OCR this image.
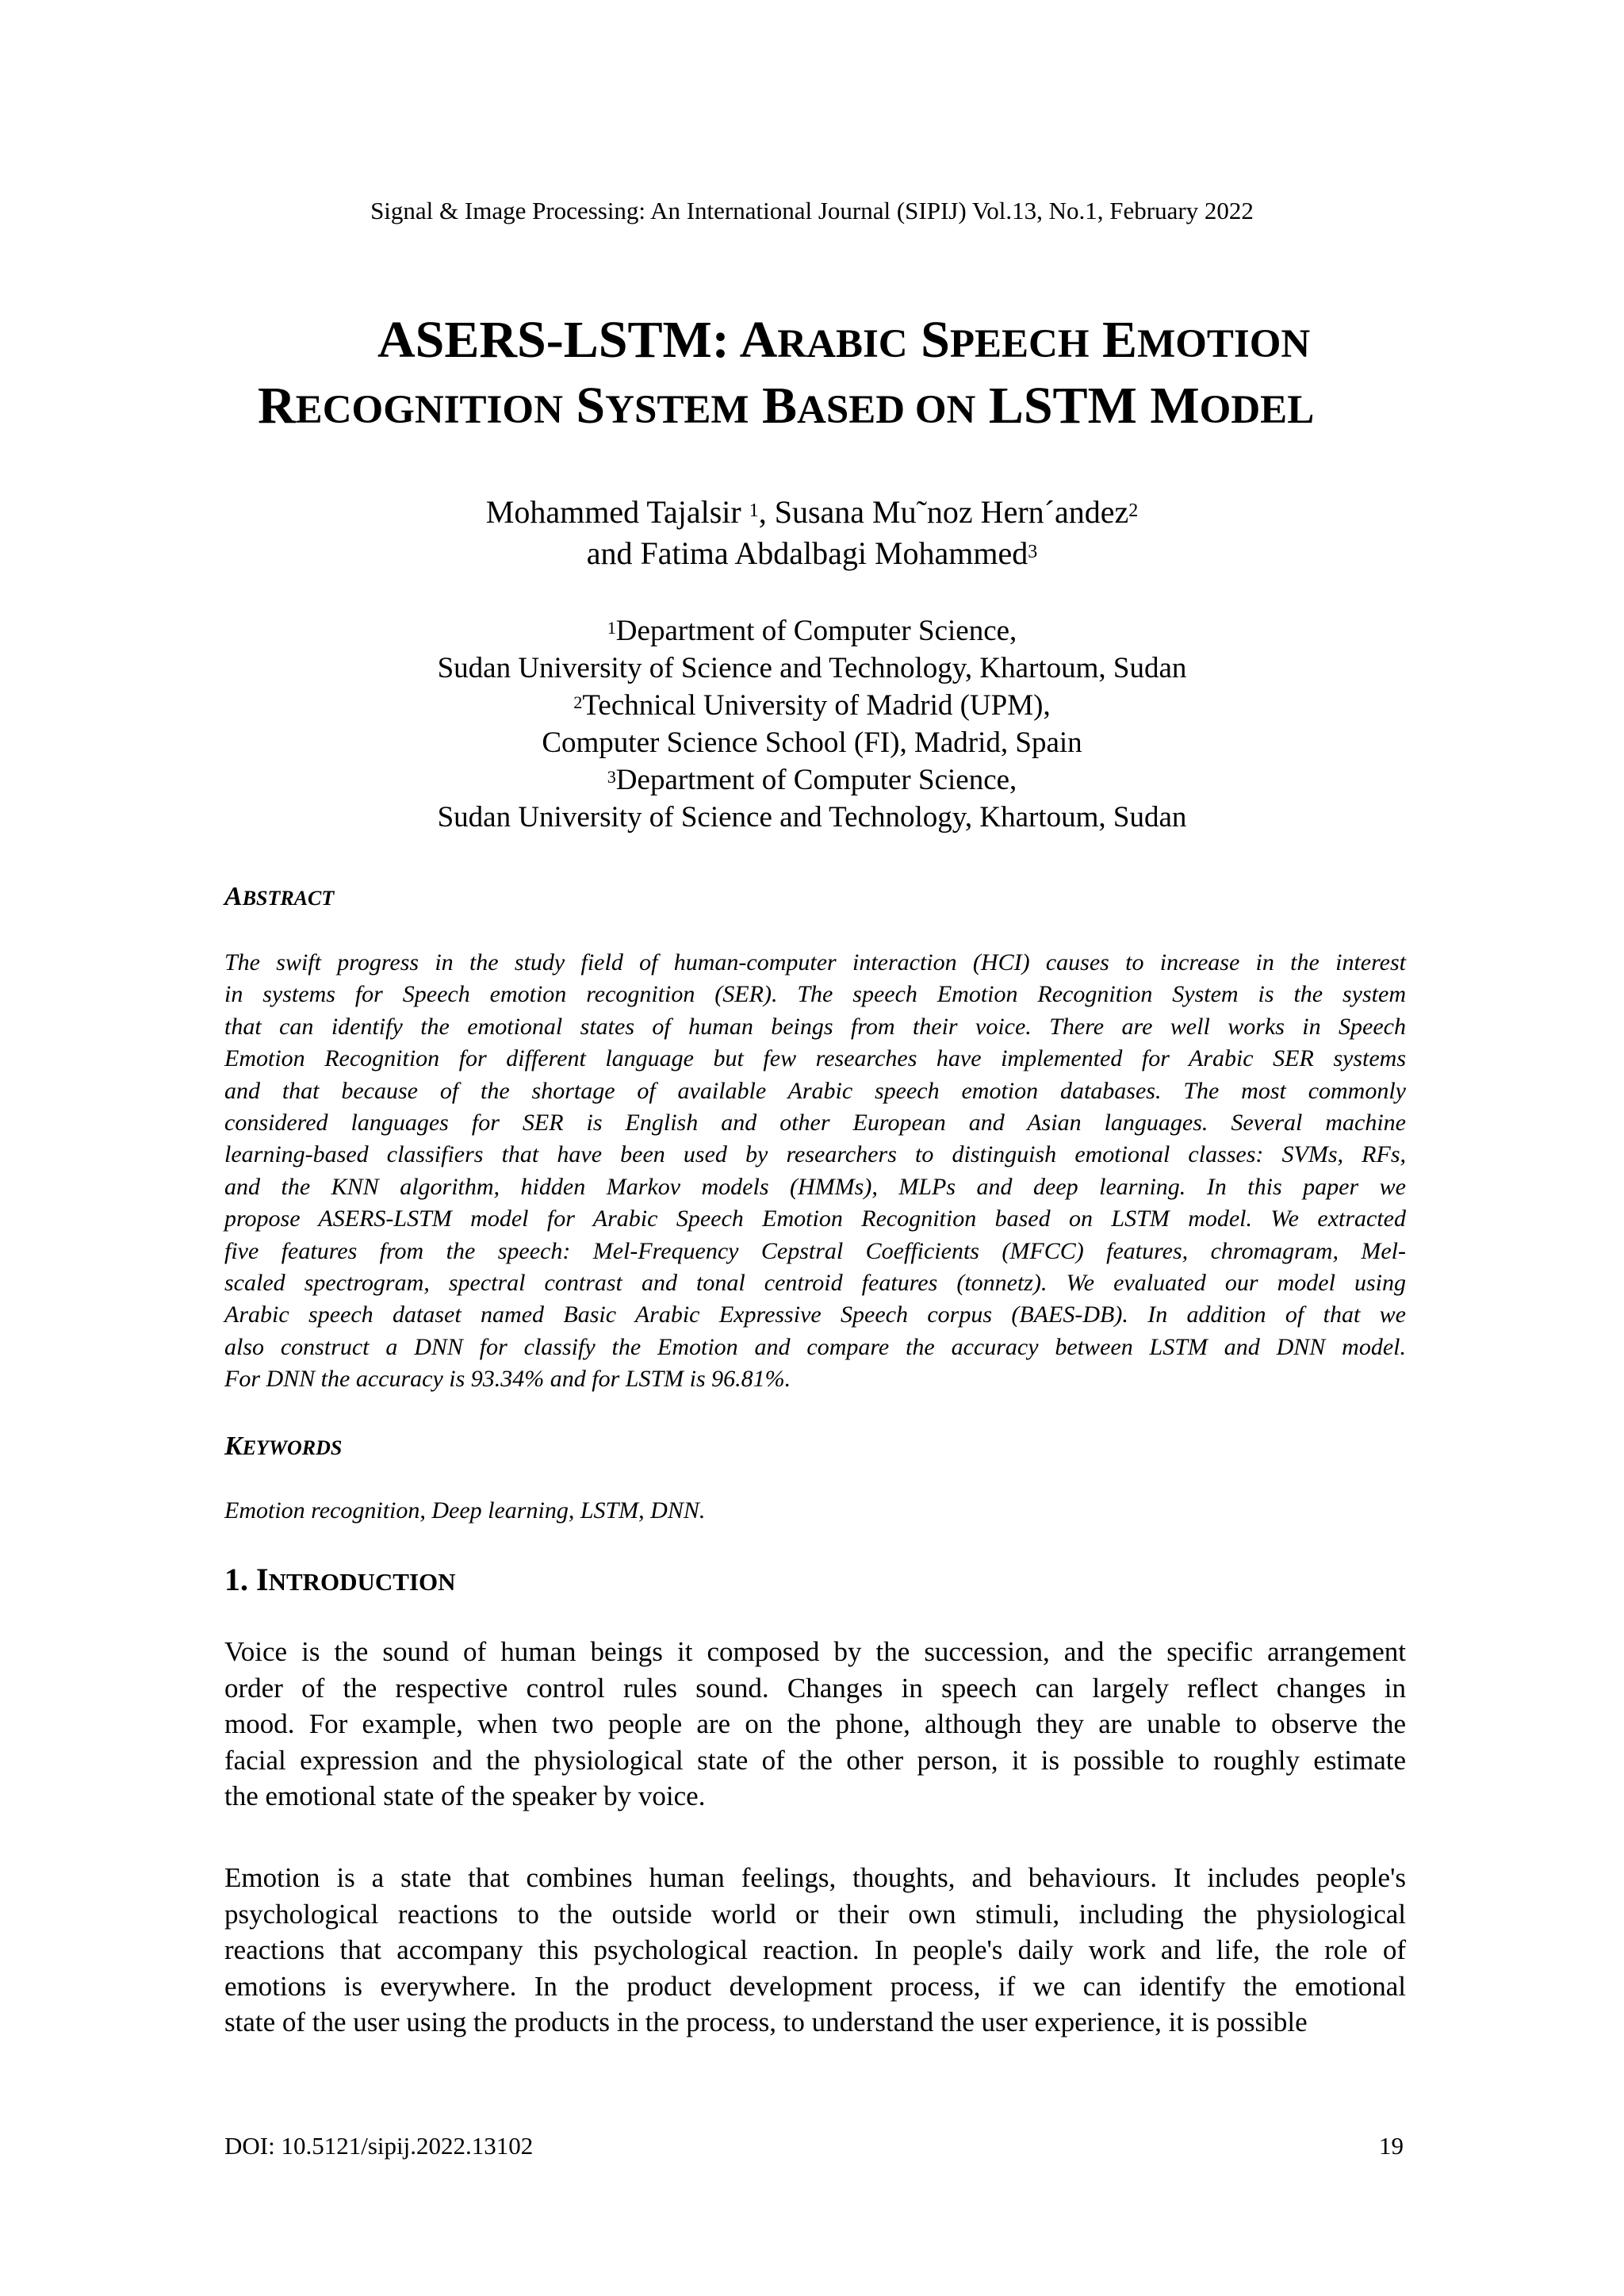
Signal & Image Processing: An International Journal (SIPIJ) Vol.13, No.1, February 2022
ASERS-LSTM: ARABIC SPEECH EMOTION
RECOGNITION SYSTEM BASED ON LSTM MODEL
Mohammed Tajalsir $^1$, Susana Mu˜noz Hern´andez$^2$
and Fatima Abdalbagi Mohammed$^3$
$^1$Department of Computer Science,
Sudan University of Science and Technology, Khartoum, Sudan
$^2$Technical University of Madrid (UPM),
Computer Science School (FI), Madrid, Spain
$^3$Department of Computer Science,
Sudan University of Science and Technology, Khartoum, Sudan
ABSTRACT
The swift progress in the study field of human-computer interaction (HCI) causes to increase in the interest
in systems for Speech emotion recognition (SER). The speech Emotion Recognition System is the system
that can identify the emotional states of human beings from their voice. There are well works in Speech
Emotion Recognition for different language but few researches have implemented for Arabic SER systems
and that because of the shortage of available Arabic speech emotion databases. The most commonly
considered languages for SER is English and other European and Asian languages. Several machine
learning-based classifiers that have been used by researchers to distinguish emotional classes: SVMs, RFs,
and the KNN algorithm, hidden Markov models (HMMs), MLPs and deep learning. In this paper we
propose ASERS-LSTM model for Arabic Speech Emotion Recognition based on LSTM model. We extracted
five features from the speech: Mel-Frequency Cepstral Coefficients (MFCC) features, chromagram, Mel-
scaled spectrogram, spectral contrast and tonal centroid features (tonnetz). We evaluated our model using
Arabic speech dataset named Basic Arabic Expressive Speech corpus (BAES-DB). In addition of that we
also construct a DNN for classify the Emotion and compare the accuracy between LSTM and DNN model.
For DNN the accuracy is 93.34% and for LSTM is 96.81%.
KEYWORDS
Emotion recognition, Deep learning, LSTM, DNN.
1. INTRODUCTION
Voice is the sound of human beings it composed by the succession, and the specific arrangement
order of the respective control rules sound. Changes in speech can largely reflect changes in
mood. For example, when two people are on the phone, although they are unable to observe the
facial expression and the physiological state of the other person, it is possible to roughly estimate
the emotional state of the speaker by voice.
Emotion is a state that combines human feelings, thoughts, and behaviours. It includes people's
psychological reactions to the outside world or their own stimuli, including the physiological
reactions that accompany this psychological reaction. In people's daily work and life, the role of
emotions is everywhere. In the product development process, if we can identify the emotional
state of the user using the products in the process, to understand the user experience, it is possible
DOI: 10.5121/sipij.2022.13102	19
